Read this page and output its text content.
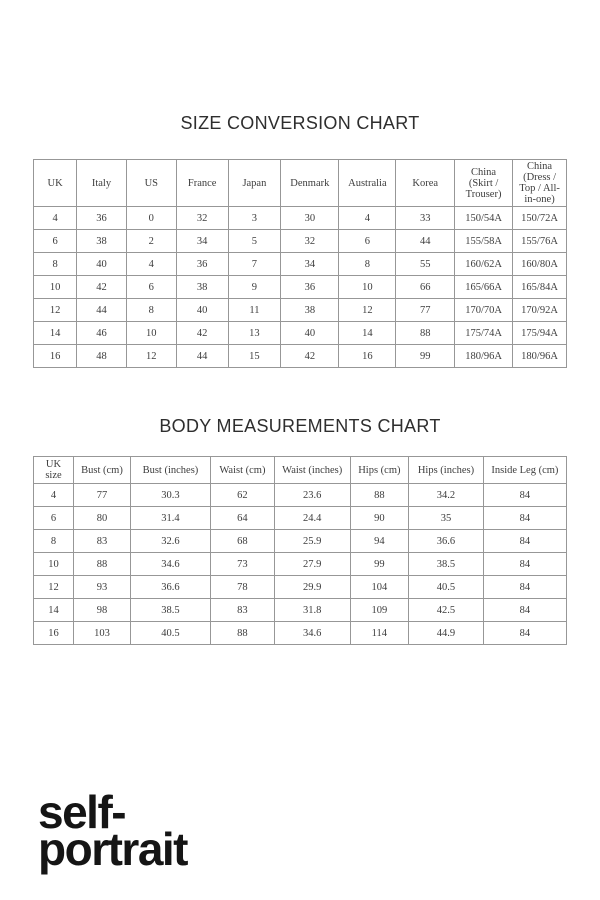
SIZE CONVERSION CHART
UK	Italy	US	France	Japan	Denmark	Australia	Korea	China (Skirt / Trouser)	China (Dress / Top / All-in-one)
4	36	0	32	3	30	4	33	150/54A	150/72A
6	38	2	34	5	32	6	44	155/58A	155/76A
8	40	4	36	7	34	8	55	160/62A	160/80A
10	42	6	38	9	36	10	66	165/66A	165/84A
12	44	8	40	11	38	12	77	170/70A	170/92A
14	46	10	42	13	40	14	88	175/74A	175/94A
16	48	12	44	15	42	16	99	180/96A	180/96A
BODY MEASUREMENTS CHART
UK size	Bust (cm)	Bust (inches)	Waist (cm)	Waist (inches)	Hips (cm)	Hips (inches)	Inside Leg (cm)
4	77	30.3	62	23.6	88	34.2	84
6	80	31.4	64	24.4	90	35	84
8	83	32.6	68	25.9	94	36.6	84
10	88	34.6	73	27.9	99	38.5	84
12	93	36.6	78	29.9	104	40.5	84
14	98	38.5	83	31.8	109	42.5	84
16	103	40.5	88	34.6	114	44.9	84
self-
portrait
